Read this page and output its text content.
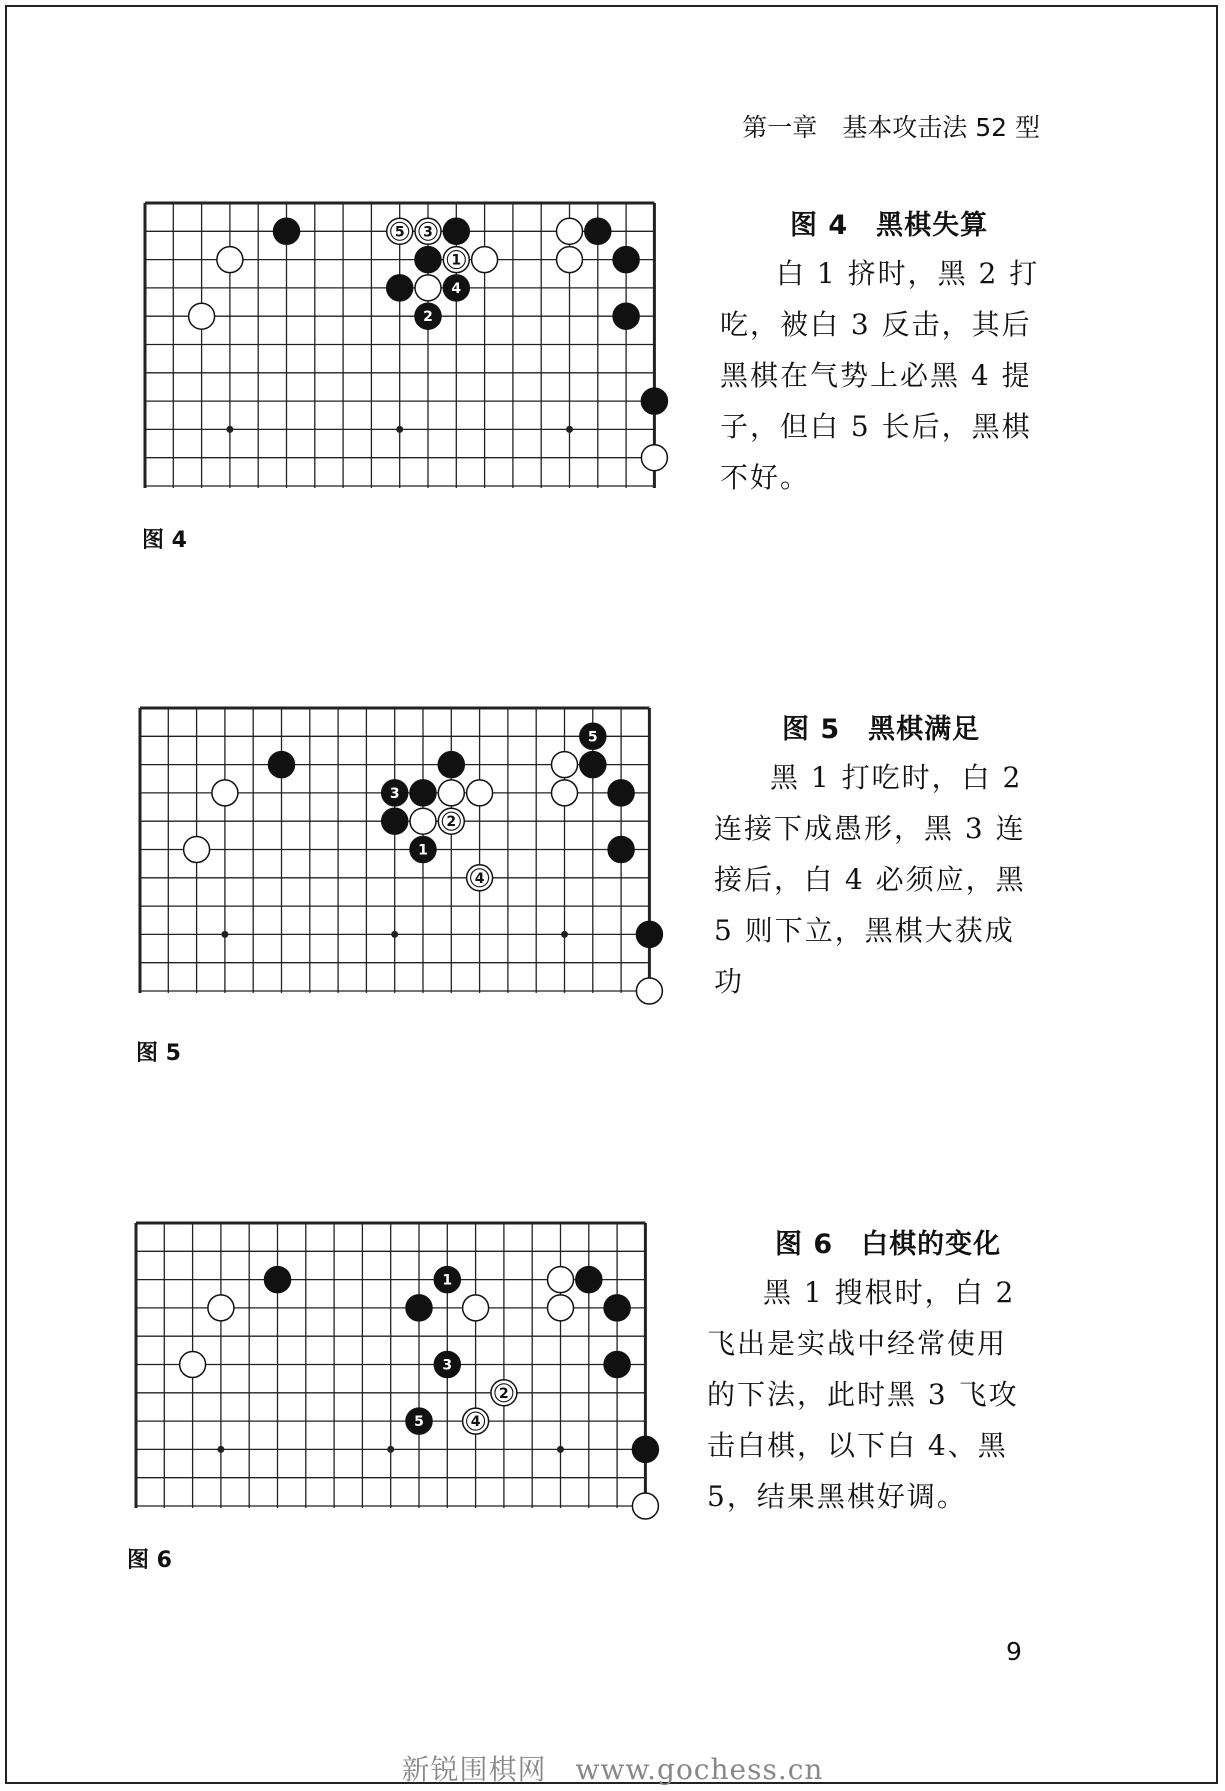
第一章　基本攻击法 52 型
5 3
1
4
2
图 4
图 4　黑棋失算
白 1 挤时，黑 2 打吃，被白 3 反击，其后黑棋在气势上必黑 4 提子，但白 5 长后，黑棋不好。
5
3
2
1
4
图 5
图 5　黑棋满足
黑 1 打吃时，白 2 连接下成愚形，黑 3 连接后，白 4 必须应，黑 5 则下立，黑棋大获成功
1
3
2
5	4
图 6
图 6　白棋的变化
黑 1 搜根时，白 2 飞出是实战中经常使用的下法，此时黑 3 飞攻击白棋，以下白 4、黑 5，结果黑棋好调。
9
新锐围棋网　www.gochess.cn
